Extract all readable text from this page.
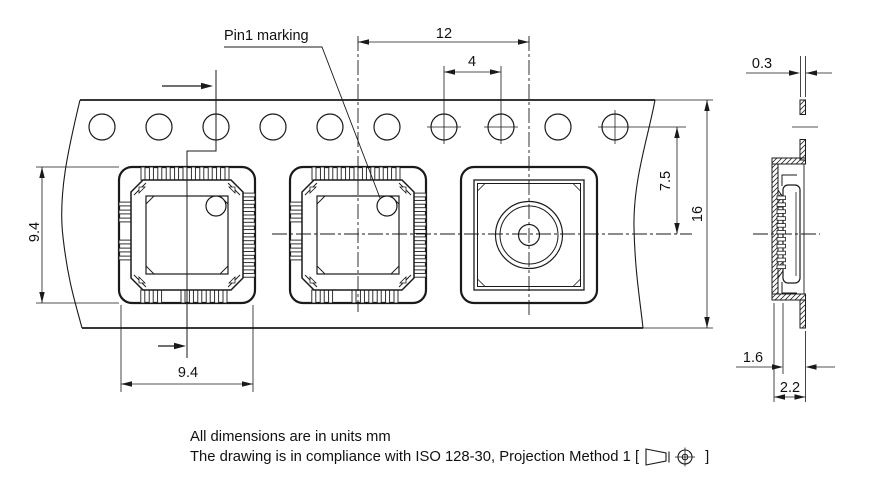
Pin1 marking	12
4
7.5
16
9.4
9.4
0.3
1.6
2.2
All dimensions are in units mm
The drawing is in compliance with ISO 128-30, Projection Method 1 [	]
